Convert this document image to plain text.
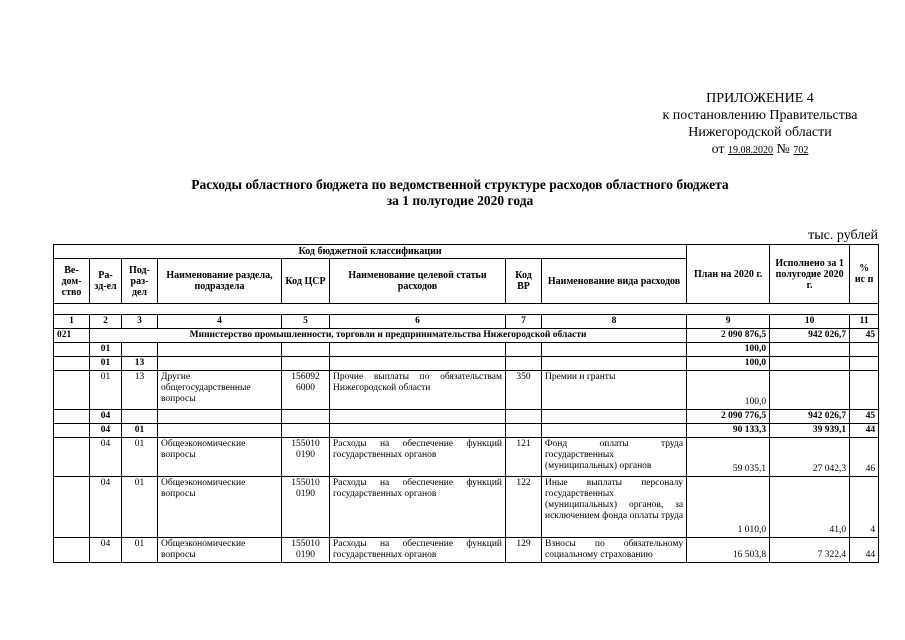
ПРИЛОЖЕНИЕ 4
к постановлению Правительства
Нижегородской области
от 19.08.2020 № 702
Расходы областного бюджета по ведомственной структуре расходов областного бюджета
за 1 полугодие 2020 года
тыс. рублей
Код бюджетной классификации								План на 2020 г.	Исполнено за 1 полугодие 2020 г.	% ис п
Ве-дом-ство	Ра-зд-ел	Под-раз-дел	Наименование раздела, подраздела	Код ЦСР	Наименование целевой статьи расходов	Код ВР	Наименование вида расходов			

1	2	3	4	5	6	7	8	9	10	11
021	Министерство промышленности, торговли и предпринимательства Нижегородской области							2 090 876,5	942 026,7	45
	01							100,0		
	01	13						100,0		
	01	13	Другие общегосударственные вопросы	156092 6000	Прочие выплаты по обязательствам Нижегородской области	350	Премии и гранты	100,0		
	04							2 090 776,5	942 026,7	45
	04	01						90 133,3	39 939,1	44
	04	01	Общеэкономические вопросы	155010 0190	Расходы на обеспечение функций государственных органов	121	Фонд оплаты труда государственных (муниципальных) органов	59 035,1	27 042,3	46
	04	01	Общеэкономические вопросы	155010 0190	Расходы на обеспечение функций государственных органов	122	Иные выплаты персоналу государственных (муниципальных) органов, за исключением фонда оплаты труда	1 010,0	41,0	4
	04	01	Общеэкономические вопросы	155010 0190	Расходы на обеспечение функций государственных органов	129	Взносы по обязательному социальному страхованию	16 503,8	7 322,4	44
